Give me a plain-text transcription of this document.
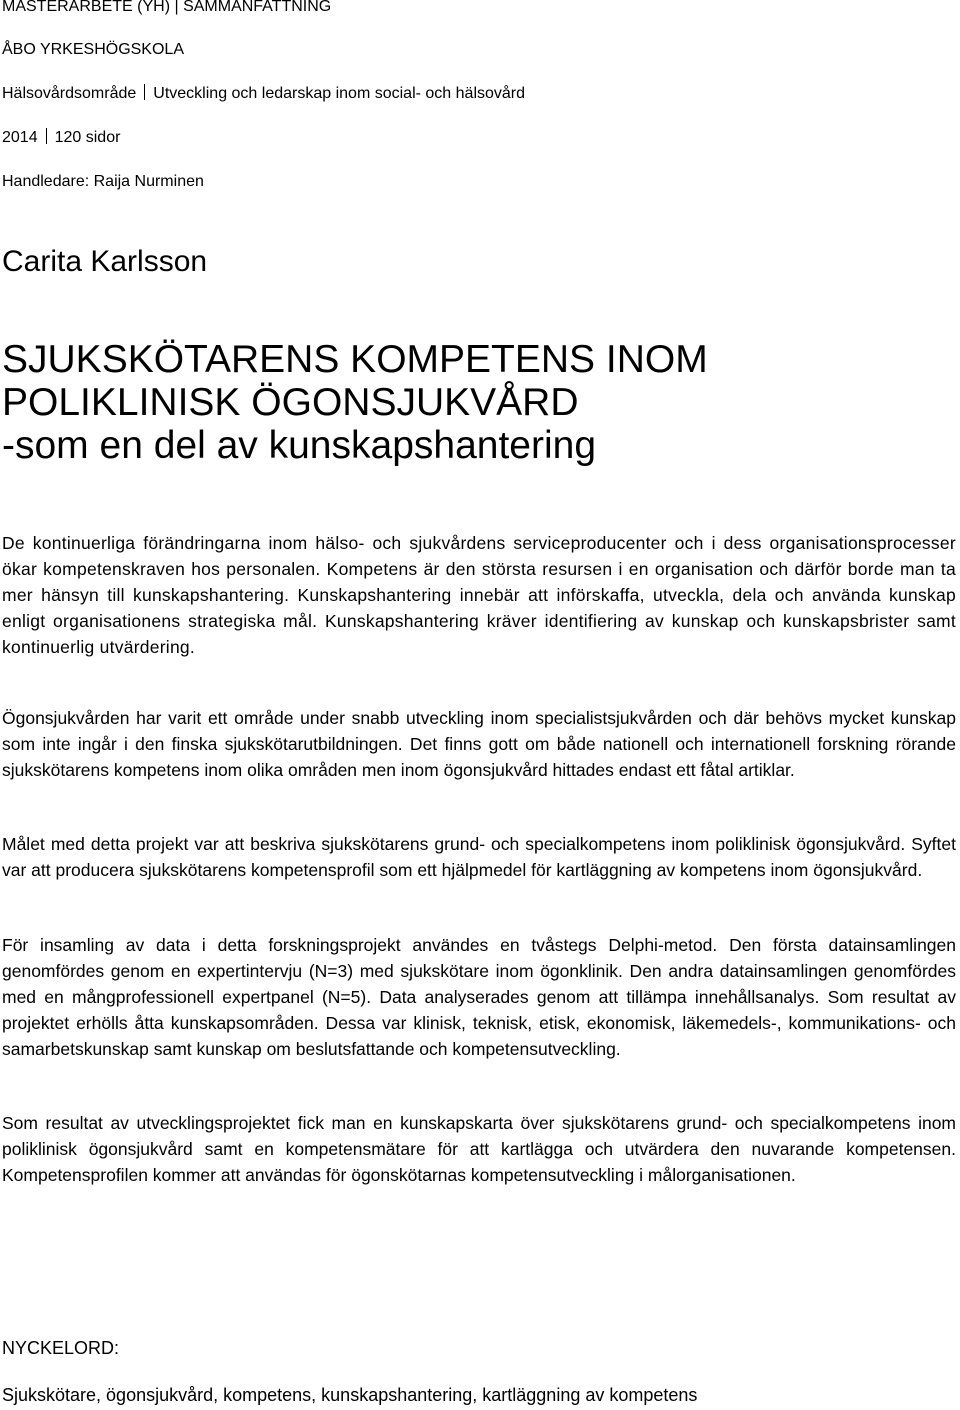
MASTERARBETE (YH) | SAMMANFATTNING
ÅBO YRKESHÖGSKOLA
Hälsovårdsområde Utveckling och ledarskap inom social- och hälsovård
2014 120 sidor
Handledare: Raija Nurminen
Carita Karlsson
SJUKSKÖTARENS KOMPETENS INOM
POLIKLINISK ÖGONSJUKVÅRD
-som en del av kunskapshantering
De kontinuerliga förändringarna inom hälso- och sjukvårdens serviceproducenter och i dess organisationsprocesser ökar kompetenskraven hos personalen. Kompetens är den största resursen i en organisation och därför borde man ta mer hänsyn till kunskapshantering. Kunskapshantering innebär att införskaffa, utveckla, dela och använda kunskap enligt organisationens strategiska mål. Kunskapshantering kräver identifiering av kunskap och kunskapsbrister samt kontinuerlig utvärdering.
Ögonsjukvården har varit ett område under snabb utveckling inom specialistsjukvården och där behövs mycket kunskap som inte ingår i den finska sjukskötarutbildningen. Det finns gott om både nationell och internationell forskning rörande sjukskötarens kompetens inom olika områden men inom ögonsjukvård hittades endast ett fåtal artiklar.
Målet med detta projekt var att beskriva sjukskötarens grund- och specialkompetens inom poliklinisk ögonsjukvård. Syftet var att producera sjukskötarens kompetensprofil som ett hjälpmedel för kartläggning av kompetens inom ögonsjukvård.
För insamling av data i detta forskningsprojekt användes en tvåstegs Delphi-metod. Den första datainsamlingen genomfördes genom en expertintervju (N=3) med sjukskötare inom ögonklinik. Den andra datainsamlingen genomfördes med en mångprofessionell expertpanel (N=5). Data analyserades genom att tillämpa innehållsanalys. Som resultat av projektet erhölls åtta kunskapsområden. Dessa var klinisk, teknisk, etisk, ekonomisk, läkemedels-, kommunikations- och samarbetskunskap samt kunskap om beslutsfattande och kompetensutveckling.
Som resultat av utvecklingsprojektet fick man en kunskapskarta över sjukskötarens grund- och specialkompetens inom poliklinisk ögonsjukvård samt en kompetensmätare för att kartlägga och utvärdera den nuvarande kompetensen. Kompetensprofilen kommer att användas för ögonskötarnas kompetensutveckling i målorganisationen.
NYCKELORD:
Sjukskötare, ögonsjukvård, kompetens, kunskapshantering, kartläggning av kompetens
